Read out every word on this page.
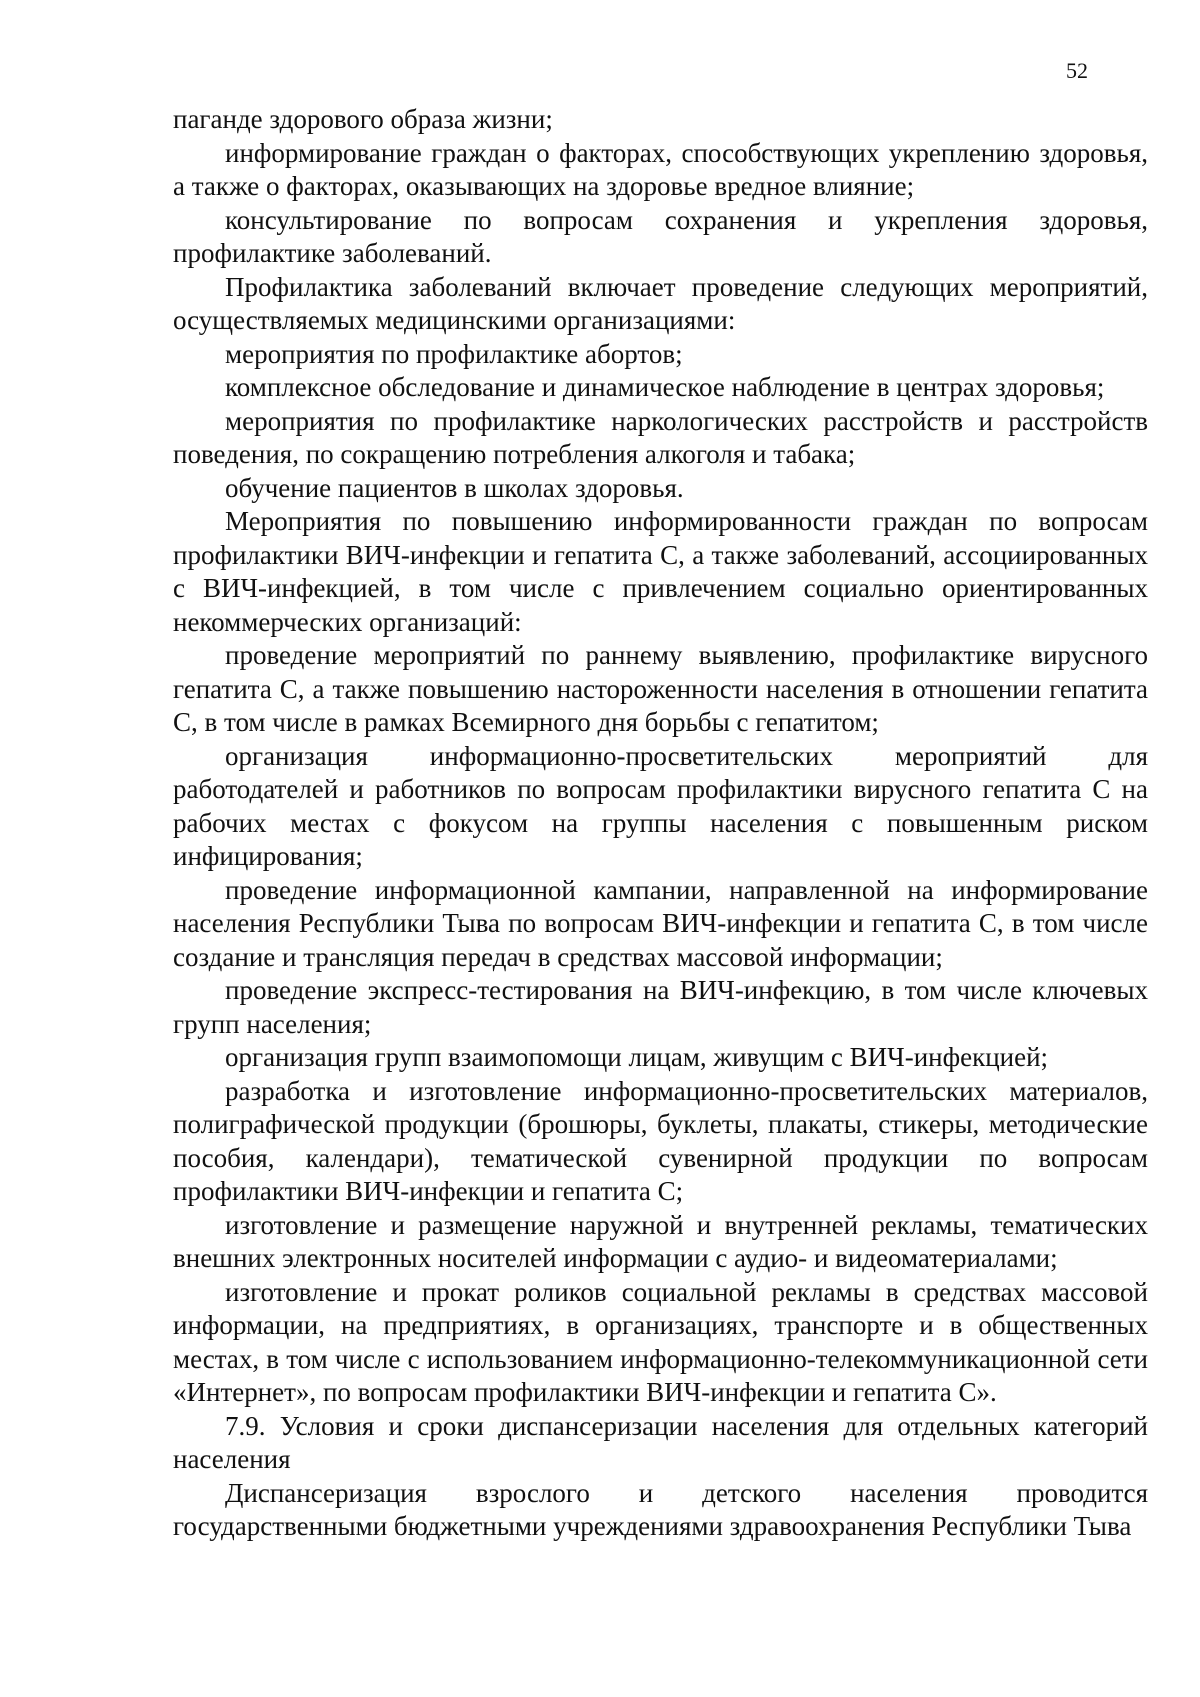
52

паганде здорового образа жизни;

информирование граждан о факторах, способствующих укреплению здоровья, а также о факторах, оказывающих на здоровье вредное влияние;

консультирование по вопросам сохранения и укрепления здоровья, профилактике заболеваний.

Профилактика заболеваний включает проведение следующих мероприятий, осуществляемых медицинскими организациями:

мероприятия по профилактике абортов;

комплексное обследование и динамическое наблюдение в центрах здоровья;

мероприятия по профилактике наркологических расстройств и расстройств поведения, по сокращению потребления алкоголя и табака;

обучение пациентов в школах здоровья.

Мероприятия по повышению информированности граждан по вопросам профилактики ВИЧ-инфекции и гепатита С, а также заболеваний, ассоциированных с ВИЧ-инфекцией, в том числе с привлечением социально ориентированных некоммерческих организаций:

проведение мероприятий по раннему выявлению, профилактике вирусного гепатита С, а также повышению настороженности населения в отношении гепатита С, в том числе в рамках Всемирного дня борьбы с гепатитом;

организация информационно-просветительских мероприятий для работодателей и работников по вопросам профилактики вирусного гепатита С на рабочих местах с фокусом на группы населения с повышенным риском инфицирования;

проведение информационной кампании, направленной на информирование населения Республики Тыва по вопросам ВИЧ-инфекции и гепатита С, в том числе создание и трансляция передач в средствах массовой информации;

проведение экспресс-тестирования на ВИЧ-инфекцию, в том числе ключевых групп населения;

организация групп взаимопомощи лицам, живущим с ВИЧ-инфекцией;

разработка и изготовление информационно-просветительских материалов, полиграфической продукции (брошюры, буклеты, плакаты, стикеры, методические пособия, календари), тематической сувенирной продукции по вопросам профилактики ВИЧ-инфекции и гепатита С;

изготовление и размещение наружной и внутренней рекламы, тематических внешних электронных носителей информации с аудио- и видеоматериалами;

изготовление и прокат роликов социальной рекламы в средствах массовой информации, на предприятиях, в организациях, транспорте и в общественных местах, в том числе с использованием информационно-телекоммуникационной сети «Интернет», по вопросам профилактики ВИЧ-инфекции и гепатита С».

7.9. Условия и сроки диспансеризации населения для отдельных категорий населения

Диспансеризация взрослого и детского населения проводится государственными бюджетными учреждениями здравоохранения Республики Тыва
